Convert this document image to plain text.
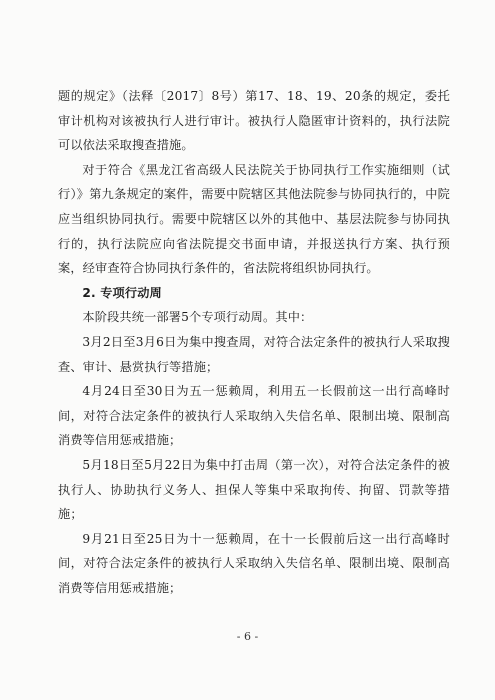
题的规定》（法释〔2017〕8号）第17、18、19、20条的规定，委托审计机构对该被执行人进行审计。被执行人隐匿审计资料的，执行法院可以依法采取搜查措施。

对于符合《黑龙江省高级人民法院关于协同执行工作实施细则（试行）》第九条规定的案件，需要中院辖区其他法院参与协同执行的，中院应当组织协同执行。需要中院辖区以外的其他中、基层法院参与协同执行的，执行法院应向省法院提交书面申请，并报送执行方案、执行预案，经审查符合协同执行条件的，省法院将组织协同执行。

2. 专项行动周

本阶段共统一部署5个专项行动周。其中：

3月2日至3月6日为集中搜查周，对符合法定条件的被执行人采取搜查、审计、悬赏执行等措施；

4月24日至30日为五一惩赖周，利用五一长假前这一出行高峰时间，对符合法定条件的被执行人采取纳入失信名单、限制出境、限制高消费等信用惩戒措施；

5月18日至5月22日为集中打击周（第一次），对符合法定条件的被执行人、协助执行义务人、担保人等集中采取拘传、拘留、罚款等措施；

9月21日至25日为十一惩赖周，在十一长假前后这一出行高峰时间，对符合法定条件的被执行人采取纳入失信名单、限制出境、限制高消费等信用惩戒措施；

- 6 -
